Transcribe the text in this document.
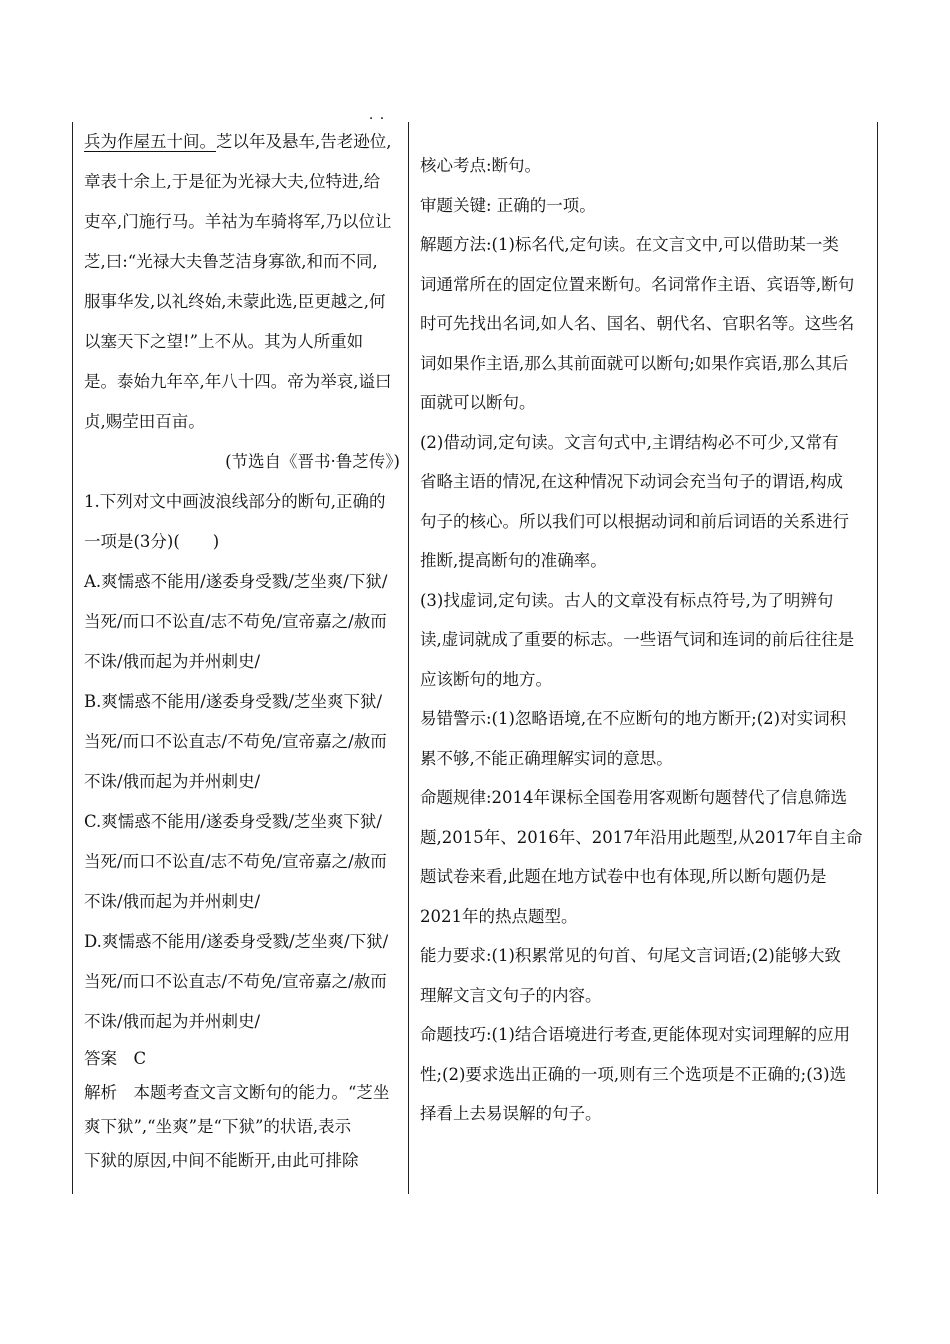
兵为作屋五十间。芝以年及悬车,告老逊· · 位,
章表十余上,于是征为光禄大夫,位特进,给
吏卒,门施行马。羊祜为车骑将军,乃以位让
芝,曰:“光禄大夫鲁芝洁身寡欲,和而不同,
服事华发,以礼终始,未蒙此选,臣更越之,何
以塞天下之望!”上不从。其为人所重如
是。泰始九年卒,年八十四。帝为举哀,谥曰
贞,赐茔田百亩。
(节选自《晋书·鲁芝传》)
1.下列对文中画波浪线部分的断句,正确的
一项是(3分)(　　)
A.爽懦惑不能用/遂委身受戮/芝坐爽/下狱/
当死/而口不讼直/志不苟免/宣帝嘉之/赦而
不诛/俄而起为并州刺史/
B.爽懦惑不能用/遂委身受戮/芝坐爽下狱/
当死/而口不讼直志/不苟免/宣帝嘉之/赦而
不诛/俄而起为并州刺史/
C.爽懦惑不能用/遂委身受戮/芝坐爽下狱/
当死/而口不讼直/志不苟免/宣帝嘉之/赦而
不诛/俄而起为并州刺史/
D.爽懦惑不能用/遂委身受戮/芝坐爽/下狱/
当死/而口不讼直志/不苟免/宣帝嘉之/赦而
不诛/俄而起为并州刺史/
答案　C
解析　本题考查文言文断句的能力。“芝坐
爽下狱”,“坐爽”是“下狱”的状语,表示
下狱的原因,中间不能断开,由此可排除
核心考点:断句。
审题关键: 正确的一项。
解题方法:(1)标名代,定句读。在文言文中,可以借助某一类
词通常所在的固定位置来断句。名词常作主语、宾语等,断句
时可先找出名词,如人名、国名、朝代名、官职名等。这些名
词如果作主语,那么其前面就可以断句;如果作宾语,那么其后
面就可以断句。
(2)借动词,定句读。文言句式中,主谓结构必不可少,又常有
省略主语的情况,在这种情况下动词会充当句子的谓语,构成
句子的核心。所以我们可以根据动词和前后词语的关系进行
推断,提高断句的准确率。
(3)找虚词,定句读。古人的文章没有标点符号,为了明辨句
读,虚词就成了重要的标志。一些语气词和连词的前后往往是
应该断句的地方。
易错警示:(1)忽略语境,在不应断句的地方断开;(2)对实词积
累不够,不能正确理解实词的意思。
命题规律:2014年课标全国卷用客观断句题替代了信息筛选
题,2015年、2016年、2017年沿用此题型,从2017年自主命
题试卷来看,此题在地方试卷中也有体现,所以断句题仍是
2021年的热点题型。
能力要求:(1)积累常见的句首、句尾文言词语;(2)能够大致
理解文言文句子的内容。
命题技巧:(1)结合语境进行考查,更能体现对实词理解的应用
性;(2)要求选出正确的一项,则有三个选项是不正确的;(3)选
择看上去易误解的句子。
